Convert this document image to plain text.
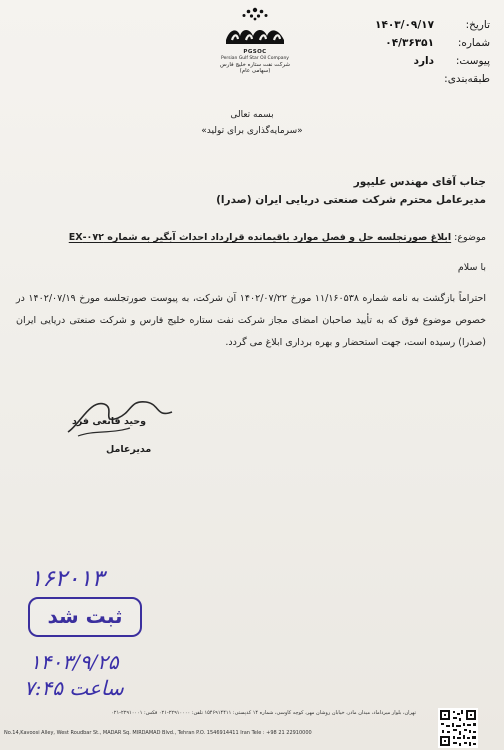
PGSOC
Persian Gulf Star Oil Company
شرکت نفت ستاره خلیج فارس (سهامی عام)
تاریخ:
۱۴۰۳/۰۹/۱۷
شماره:
۰۴/۳۶۳۵۱
پیوست:
دارد
طبقه‌بندی:
بسمه تعالی
«سرمایه‌گذاری برای تولید»
جناب آقای مهندس علیپور
مدیرعامل محترم شرکت صنعتی دریایی ایران (صدرا)
موضوع: ابلاغ صورتجلسه حل و فصل موارد باقیمانده قرارداد احداث آبگیر به شماره ۰۷۲-EX
با سلام
احتراماً بازگشت به نامه شماره ۱۱/۱۶۰۵۳۸ مورخ ۱۴۰۲/۰۷/۲۲ آن شرکت، به پیوست صورتجلسه مورخ ۱۴۰۲/۰۷/۱۹ در خصوص موضوع فوق که به تأیید صاحبان امضای مجاز شرکت نفت ستاره خلیج فارس و شرکت صنعتی دریایی ایران (صدرا) رسیده است، جهت استحضار و بهره برداری ابلاغ می گردد.
وحید قانعی فرد
مدیرعامل
۱۶۲۰۱۳
ثبت شد
۱۴۰۳/۹/۲۵
ساعت ۷:۴۵
تهران، بلوار میرداماد، میدان مادر، خیابان روشان مهر، کوچه کاوسی، شماره ۱۴ کدپستی: ۱۵۴۶۹۱۴۴۱۱ تلفن: ۲۲۹۱۰۰۰۰-۰۲۱ فکس: ۲۲۹۱۰۰۰۱-۰۲۱
No.14,Kavoosi Alley, West Roudbar St., MADAR Sq. MIRDAMAD Blvd., Tehran P.O. 1546914411 Iran Tele : +98 21 22910000
